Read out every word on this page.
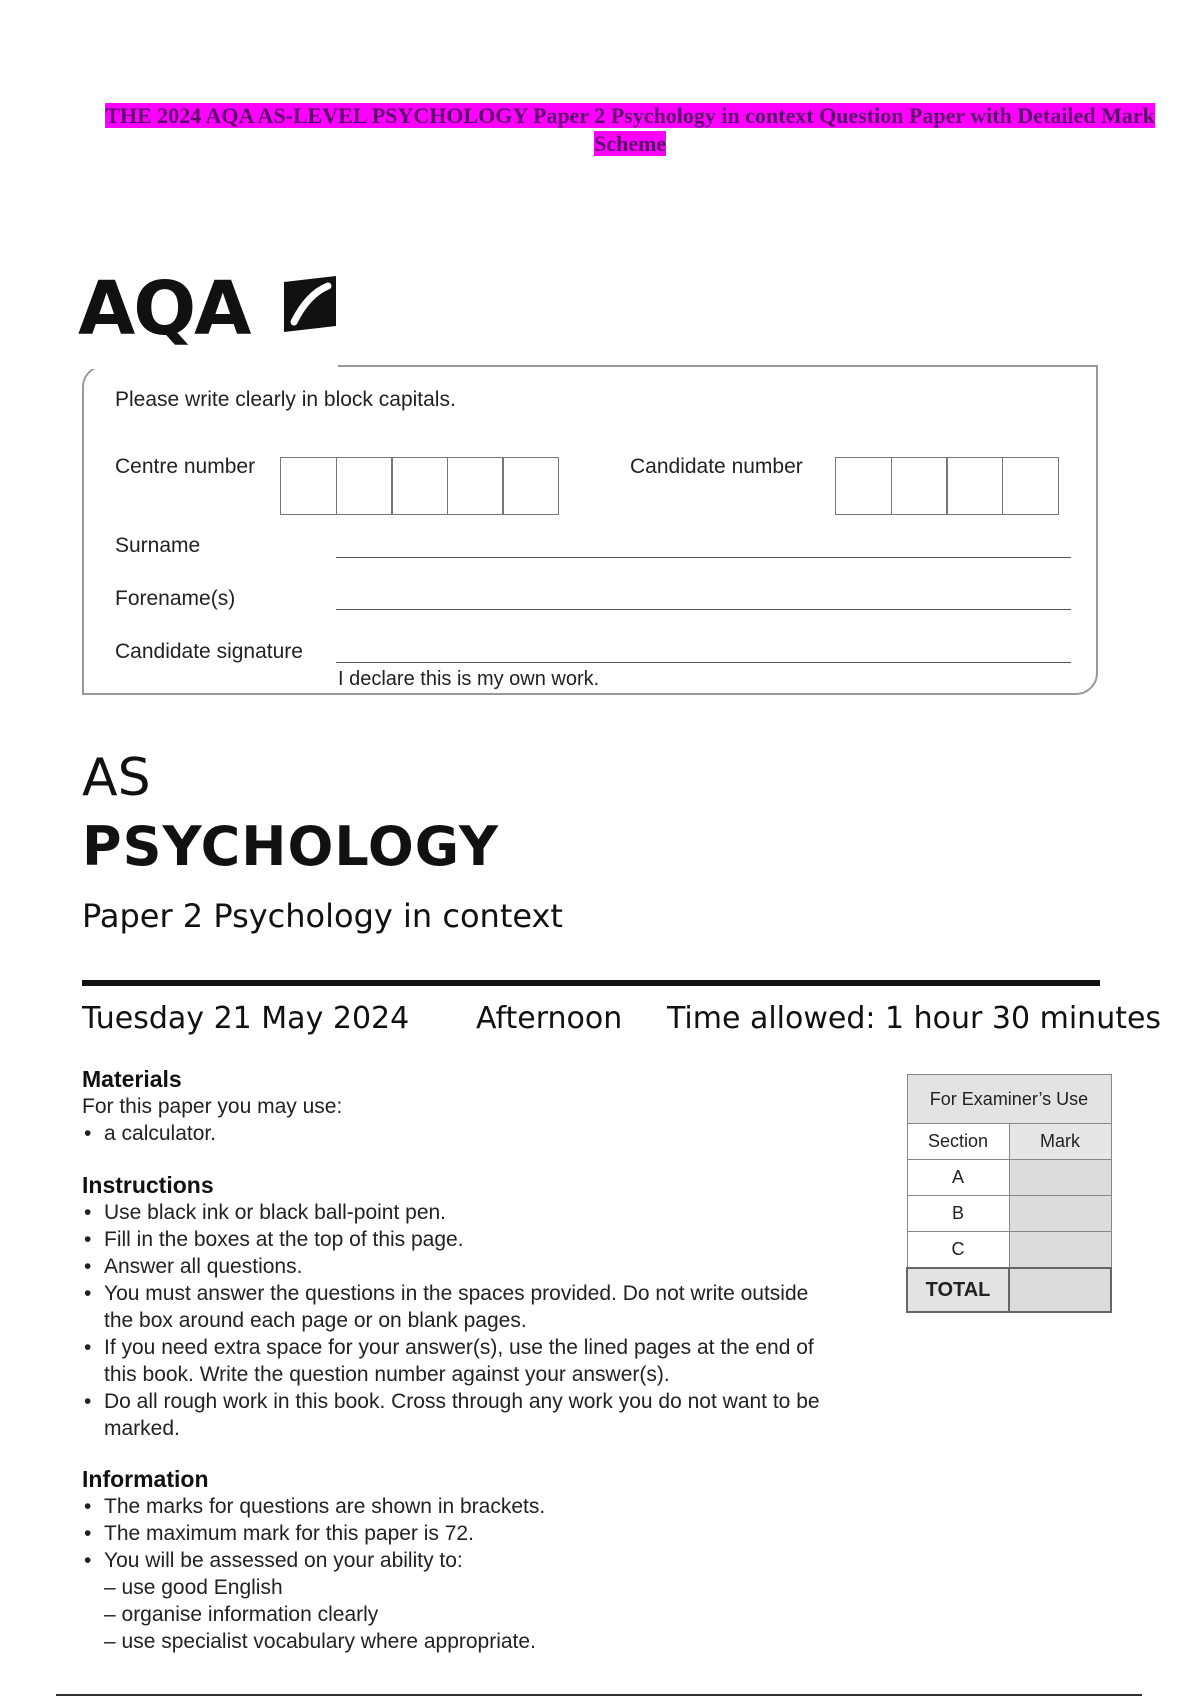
THE 2024 AQA AS-LEVEL PSYCHOLOGY Paper 2 Psychology in context Question Paper with Detailed Mark Scheme
AQA
Please write clearly in block capitals.
Centre number	Candidate number
Surname
Forename(s)
Candidate signature
I declare this is my own work.
AS
PSYCHOLOGY
Paper 2 Psychology in context
Tuesday 21 May 2024 Afternoon Time allowed: 1 hour 30 minutes
Materials
For this paper you may use:
• a calculator.
Instructions
• Use black ink or black ball-point pen.
• Fill in the boxes at the top of this page.
• Answer all questions.
• You must answer the questions in the spaces provided. Do not write outside the box around each page or on blank pages.
• If you need extra space for your answer(s), use the lined pages at the end of this book. Write the question number against your answer(s).
• Do all rough work in this book. Cross through any work you do not want to be marked.
Information
• The marks for questions are shown in brackets.
• The maximum mark for this paper is 72.
• You will be assessed on your ability to:
– use good English
– organise information clearly
– use specialist vocabulary where appropriate.
For Examiner’s Use	
Section	Mark
A	
B	
C	
TOTAL	
